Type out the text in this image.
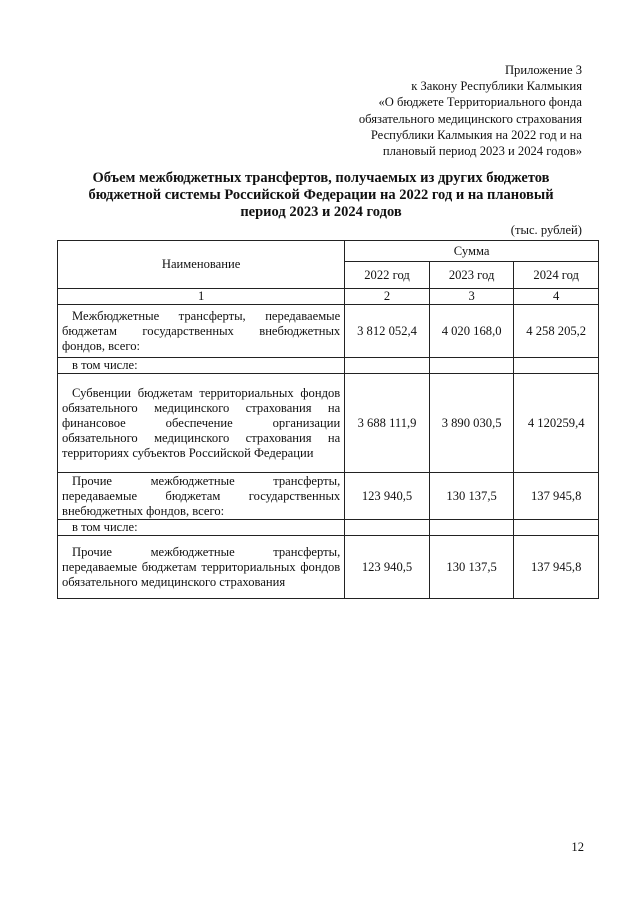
Приложение 3
к Закону Республики Калмыкия
«О бюджете Территориального фонда
обязательного медицинского страхования
Республики Калмыкия на 2022 год и на
плановый период 2023 и 2024 годов»
Объем межбюджетных трансфертов, получаемых из других бюджетов
бюджетной системы Российской Федерации на 2022 год и на плановый
период 2023 и 2024 годов
(тыс. рублей)
Наименование	Сумма		
	2022 год	2023 год	2024 год
1	2	3	4
Межбюджетные трансферты, передаваемые бюджетам государственных внебюджетных фондов, всего:	3 812 052,4	4 020 168,0	4 258 205,2
в том числе:			
Субвенции бюджетам территориальных фондов обязательного медицинского страхования на финансовое обеспечение организации обязательного медицинского страхования на территориях субъектов Российской Федерации	3 688 111,9	3 890 030,5	4 120259,4
Прочие межбюджетные трансферты, передаваемые бюджетам государственных внебюджетных фондов, всего:	123 940,5	130 137,5	137 945,8
в том числе:			
Прочие межбюджетные трансферты, передаваемые бюджетам территориальных фондов обязательного медицинского страхования	123 940,5	130 137,5	137 945,8
12
